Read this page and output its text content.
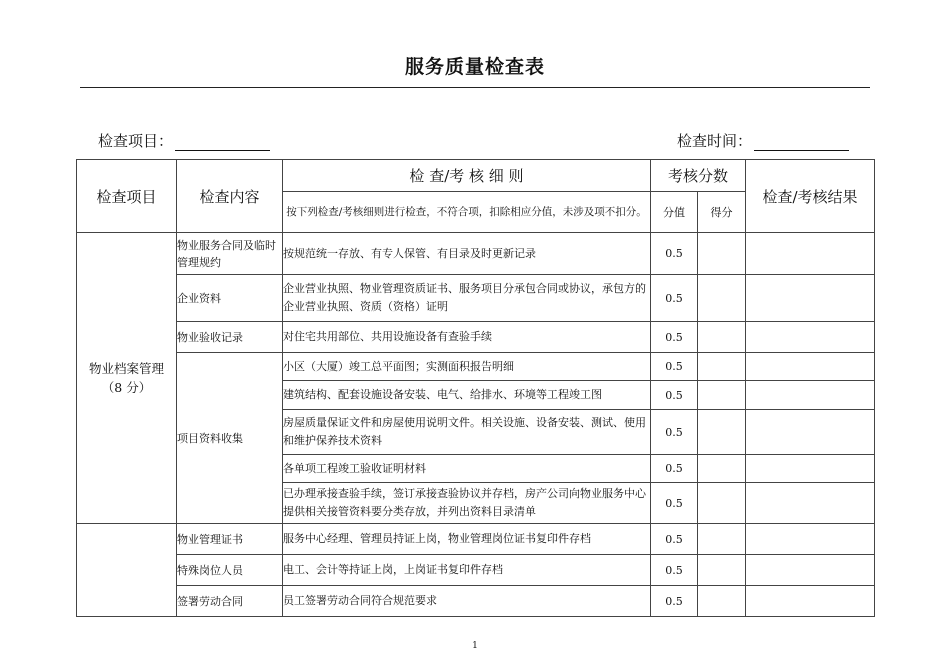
服务质量检查表
检查项目：	检查时间：
检查项目	检查内容	检 查/考 核 细 则	考核分数		检查/考核结果
		按下列检查/考核细则进行检查，不符合项，扣除相应分值，未涉及项不扣分。	分值	得分	

物业档案管理
（8 分）	物业服务合同及临时管理规约	按规范统一存放、有专人保管、有目录及时更新记录	0.5		
	企业资料	企业营业执照、物业管理资质证书、服务项目分承包合同或协议，承包方的企业营业执照、资质（资格）证明	0.5		
	物业验收记录	对住宅共用部位、共用设施设备有查验手续	0.5		
	项目资料收集	小区（大厦）竣工总平面图；实测面积报告明细	0.5		
		建筑结构、配套设施设备安装、电气、给排水、环境等工程竣工图	0.5		
		房屋质量保证文件和房屋使用说明文件。相关设施、设备安装、测试、使用和维护保养技术资料	0.5		
		各单项工程竣工验收证明材料	0.5		
		已办理承接查验手续，签订承接查验协议并存档，房产公司向物业服务中心提供相关接管资料要分类存放，并列出资料目录清单	0.5		
	物业管理证书	服务中心经理、管理员持证上岗，物业管理岗位证书复印件存档	0.5		
	特殊岗位人员	电工、会计等持证上岗，上岗证书复印件存档	0.5		
	签署劳动合同	员工签署劳动合同符合规范要求	0.5		
1
